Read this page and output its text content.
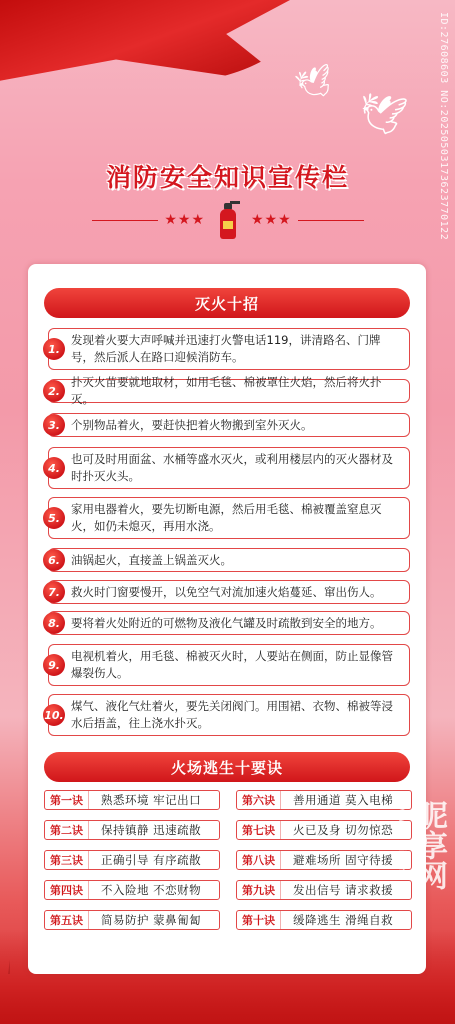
🕊
🕊	ID:27608603 NO:20250503173623770122
消防安全知识宣传栏
★★★	★★★
灭火十招
1.
发现着火要大声呼喊并迅速打火警电话119，讲清路名、门牌号，然后派人在路口迎候消防车。
2.
扑灭火苗要就地取材，如用毛毯、棉被罩住火焰，然后将火扑灭。
3. 个别物品着火，要赶快把着火物搬到室外灭火。
4.
也可及时用面盆、水桶等盛水灭火，或利用楼层内的灭火器材及时扑灭火头。
5.
家用电器着火，要先切断电源，然后用毛毯、棉被覆盖窒息灭火，如仍未熄灭，再用水浇。
6. 油锅起火，直接盖上锅盖灭火。
7. 救火时门窗要慢开，以免空气对流加速火焰蔓延、窜出伤人。
8. 要将着火处附近的可燃物及液化气罐及时疏散到安全的地方。
9.
电视机着火，用毛毯、棉被灭火时，人要站在侧面，防止显像管爆裂伤人。
10.
煤气、液化气灶着火，要先关闭阀门。用围裙、衣物、棉被等浸水后捂盖，往上浇水扑灭。
火场逃生十要诀
第一诀	熟悉环境 牢记出口
第二诀	保持镇静 迅速疏散
第三诀	正确引导 有序疏散
第四诀	不入险地 不恋财物
第五诀	简易防护 蒙鼻匍匐
第六诀	善用通道 莫入电梯
第七诀	火已及身 切勿惊恐
第八诀	避难场所 固守待援
第九诀	发出信号 请求救援
第十诀	缓降逃生 滑绳自救
www.nipic.cn 昵享网
